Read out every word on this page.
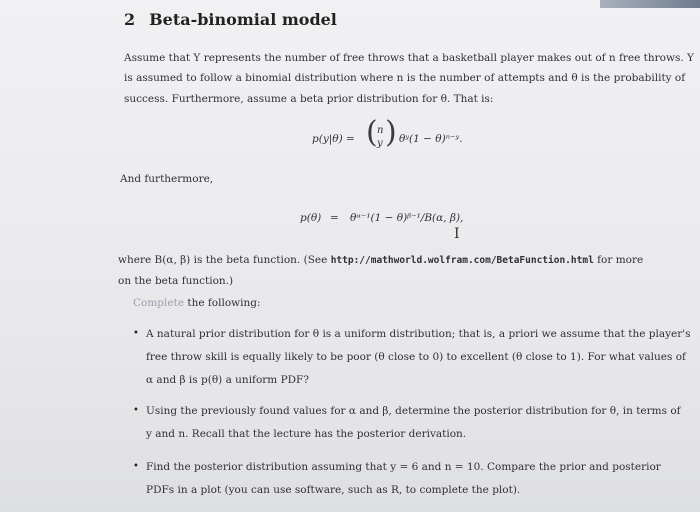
2 Beta-binomial model
Assume that Y represents the number of free throws that a basketball player makes out of n free throws. Y
is assumed to follow a binomial distribution where n is the number of attempts and θ is the probability of
success. Furthermore, assume a beta prior distribution for θ. That is:
p(y|θ) = ( n
y ) θʸ(1 − θ)ⁿ⁻ʸ.
And furthermore,
p(θ) = θᵅ⁻¹(1 − θ)ᵝ⁻¹/B(α, β),
I
where B(α, β) is the beta function. (See http://mathworld.wolfram.com/BetaFunction.html for more
on the beta function.)
Complete the following:
• A natural prior distribution for θ is a uniform distribution; that is, a priori we assume that the player's
free throw skill is equally likely to be poor (θ close to 0) to excellent (θ close to 1). For what values of
α and β is p(θ) a uniform PDF?
• Using the previously found values for α and β, determine the posterior distribution for θ, in terms of
y and n. Recall that the lecture has the posterior derivation.
• Find the posterior distribution assuming that y = 6 and n = 10. Compare the prior and posterior
PDFs in a plot (you can use software, such as R, to complete the plot).
